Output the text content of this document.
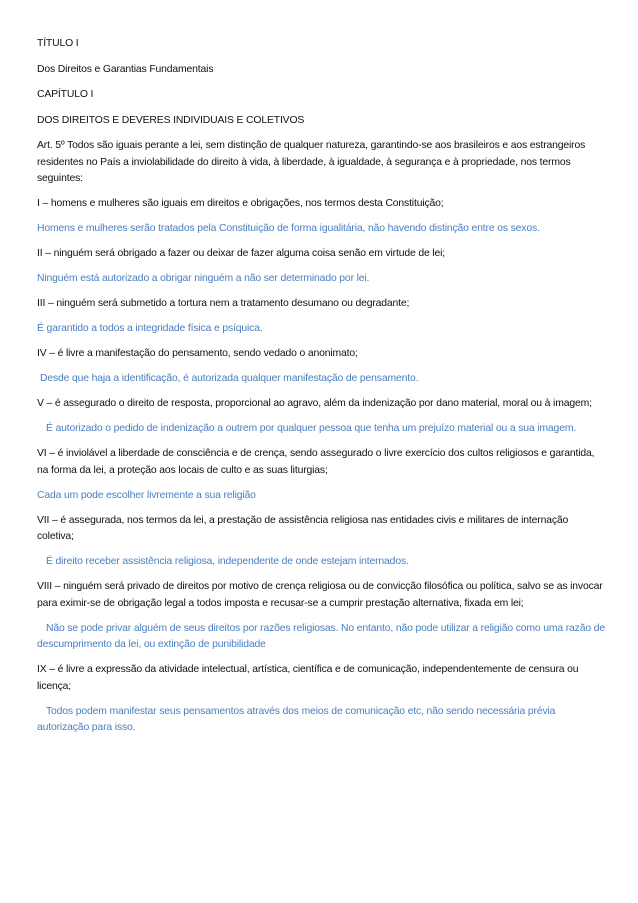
TÍTULO I

Dos Direitos e Garantias Fundamentais

CAPÍTULO I

DOS DIREITOS E DEVERES INDIVIDUAIS E COLETIVOS

Art. 5º Todos são iguais perante a lei, sem distinção de qualquer natureza, garantindo-se aos brasileiros e aos estrangeiros residentes no País a inviolabilidade do direito à vida, à liberdade, à igualdade, à segurança e à propriedade, nos termos seguintes:

I – homens e mulheres são iguais em direitos e obrigações, nos termos desta Constituição;

Homens e mulheres serão tratados pela Constituição de forma igualitária, não havendo distinção entre os sexos.

II – ninguém será obrigado a fazer ou deixar de fazer alguma coisa senão em virtude de lei;

Ninguém está autorizado a obrigar ninguém a não ser determinado por lei.

III – ninguém será submetido a tortura nem a tratamento desumano ou degradante;

É garantido a todos a integridade física e psíquica.

IV – é livre a manifestação do pensamento, sendo vedado o anonimato;

Desde que haja a identificação, é autorizada qualquer manifestação de pensamento.

V – é assegurado o direito de resposta, proporcional ao agravo, além da indenização por dano material, moral ou à imagem;

É autorizado o pedido de indenização a outrem por qualquer pessoa que tenha um prejuízo material ou a sua imagem.

VI – é inviolável a liberdade de consciência e de crença, sendo assegurado o livre exercício dos cultos religiosos e garantida, na forma da lei, a proteção aos locais de culto e as suas liturgias;

Cada um pode escolher livremente a sua religião

VII – é assegurada, nos termos da lei, a prestação de assistência religiosa nas entidades civis e militares de internação coletiva;

É direito receber assistência religiosa, independente de onde estejam internados.

VIII – ninguém será privado de direitos por motivo de crença religiosa ou de convicção filosófica ou política, salvo se as invocar para eximir-se de obrigação legal a todos imposta e recusar-se a cumprir prestação alternativa, fixada em lei;

Não se pode privar alguém de seus direitos por razões religiosas. No entanto, não pode utilizar a religião como uma razão de descumprimento da lei, ou extinção de punibilidade

IX – é livre a expressão da atividade intelectual, artística, científica e de comunicação, independentemente de censura ou licença;

Todos podem manifestar seus pensamentos através dos meios de comunicação etc, não sendo necessária prévia autorização para isso.
